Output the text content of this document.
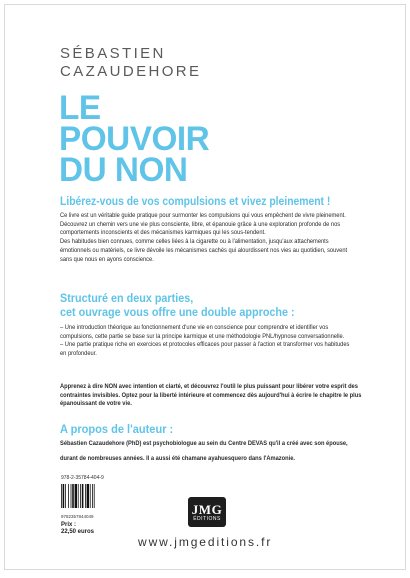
SÉBASTIEN
CAZAUDEHORE
LE
POUVOIR
DU NON
Libérez-vous de vos compulsions et vivez pleinement !
Ce livre est un véritable guide pratique pour surmonter les compulsions qui vous empêchent de vivre pleinement.
Découvrez un chemin vers une vie plus consciente, libre, et épanouie grâce à une exploration profonde de nos
comportements inconscients et des mécanismes karmiques qui les sous-tendent.
Des habitudes bien connues, comme celles liées à la cigarette ou à l'alimentation, jusqu'aux attachements
émotionnels ou matériels, ce livre dévoile les mécanismes cachés qui alourdissent nos vies au quotidien, souvent
sans que nous en ayons conscience.
Structuré en deux parties,
cet ouvrage vous offre une double approche :
– Une introduction théorique au fonctionnement d'une vie en conscience pour comprendre et identifier vos
compulsions, cette partie se base sur la principe karmique et une méthodologie PNL/hypnose conversationnelle.
– Une partie pratique riche en exercices et protocoles efficaces pour passer à l'action et transformer vos habitudes
en profondeur.
Apprenez à dire NON avec intention et clarté, et découvrez l'outil le plus puissant pour libérer votre esprit des
contraintes invisibles. Optez pour la liberté intérieure et commencez dès aujourd'hui à écrire le chapitre le plus
épanouissant de votre vie.
A propos de l'auteur :
Sébastien Cazaudehore (PhD) est psychobiologue au sein du Centre DEVAS qu'il a créé avec son épouse,
durant de nombreuses années. Il a aussi été chamane ayahuesquero dans l'Amazonie.
978-2-35784-404-9
9782357844049
Prix :
22,50 euros
JMG
ÉDITIONS
www.jmgeditions.fr
